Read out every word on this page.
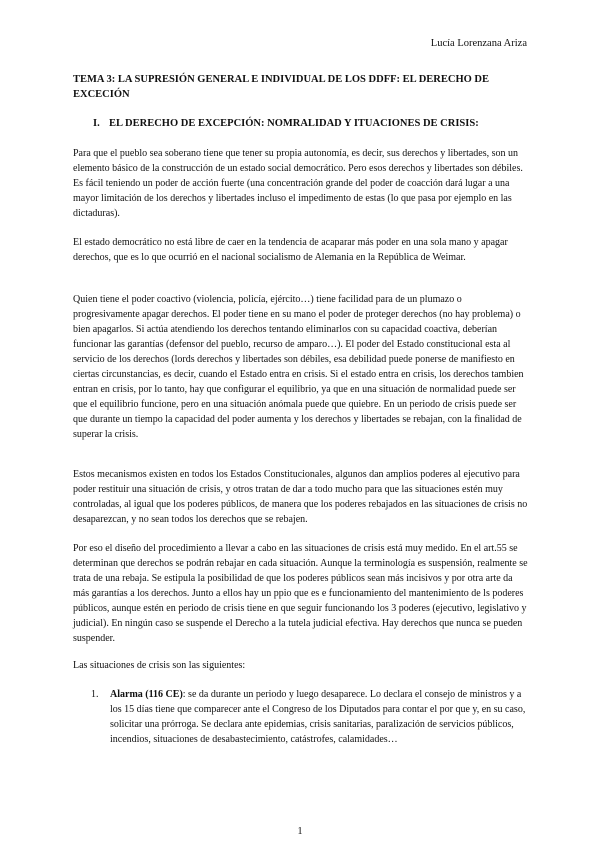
Lucía Lorenzana Ariza

TEMA 3: LA SUPRESIÓN GENERAL E INDIVIDUAL DE LOS DDFF: EL DERECHO DE EXCECIÓN

I. EL DERECHO DE EXCEPCIÓN: NOMRALIDAD Y ITUACIONES DE CRISIS:

Para que el pueblo sea soberano tiene que tener su propia autonomía, es decir, sus derechos y libertades, son un elemento básico de la construcción de un estado social democrático. Pero esos derechos y libertades son débiles. Es fácil teniendo un poder de acción fuerte (una concentración grande del poder de coacción dará lugar a una mayor limitación de los derechos y libertades incluso el impedimento de estas (lo que pasa por ejemplo en las dictaduras).

El estado democrático no está libre de caer en la tendencia de acaparar más poder en una sola mano y apagar derechos, que es lo que ocurrió en el nacional socialismo de Alemania en la República de Weimar.

Quien tiene el poder coactivo (violencia, policía, ejército…) tiene facilidad para de un plumazo o progresivamente apagar derechos. El poder tiene en su mano el poder de proteger derechos (no hay problema) o bien apagarlos. Si actúa atendiendo los derechos tentando eliminarlos con su capacidad coactiva, deberían funcionar las garantías (defensor del pueblo, recurso de amparo…). El poder del Estado constitucional esta al servicio de los derechos (lords derechos y libertades son débiles, esa debilidad puede ponerse de manifiesto en ciertas circunstancias, es decir, cuando el Estado entra en crisis. Si el estado entra en crisis, los derechos tambien entran en crisis, por lo tanto, hay que configurar el equilibrio, ya que en una situación de normalidad puede ser que el equilibrio funcione, pero en una situación anómala puede que quiebre. En un periodo de crisis puede ser que durante un tiempo la capacidad del poder aumenta y los derechos y libertades se rebajan, con la finalidad de superar la crisis.

Estos mecanismos existen en todos los Estados Constitucionales, algunos dan amplios poderes al ejecutivo para poder restituir una situación de crisis, y otros tratan de dar a todo mucho para que las situaciones estén muy controladas, al igual que los poderes públicos, de manera que los poderes rebajados en las situaciones de crisis no desaparezcan, y no sean todos los derechos que se rebajen.

Por eso el diseño del procedimiento a llevar a cabo en las situaciones de crisis está muy medido. En el art.55 se determinan que derechos se podrán rebajar en cada situación. Aunque la terminología es suspensión, realmente se trata de una rebaja. Se estipula la posibilidad de que los poderes públicos sean más incisivos y por otra arte da más garantías a los derechos. Junto a ellos hay un ppio que es e funcionamiento del mantenimiento de ls poderes públicos, aunque estén en periodo de crisis tiene en que seguir funcionando los 3 poderes (ejecutivo, legislativo y judicial). En ningún caso se suspende el Derecho a la tutela judicial efectiva. Hay derechos que nunca se pueden suspender.

Las situaciones de crisis son las siguientes:

1. Alarma (116 CE): se da durante un periodo y luego desaparece. Lo declara el consejo de ministros y a los 15 días tiene que comparecer ante el Congreso de los Diputados para contar el por que y, en su caso, solicitar una prórroga. Se declara ante epidemias, crisis sanitarias, paralización de servicios públicos, incendios, situaciones de desabastecimiento, catástrofes, calamidades…
1
